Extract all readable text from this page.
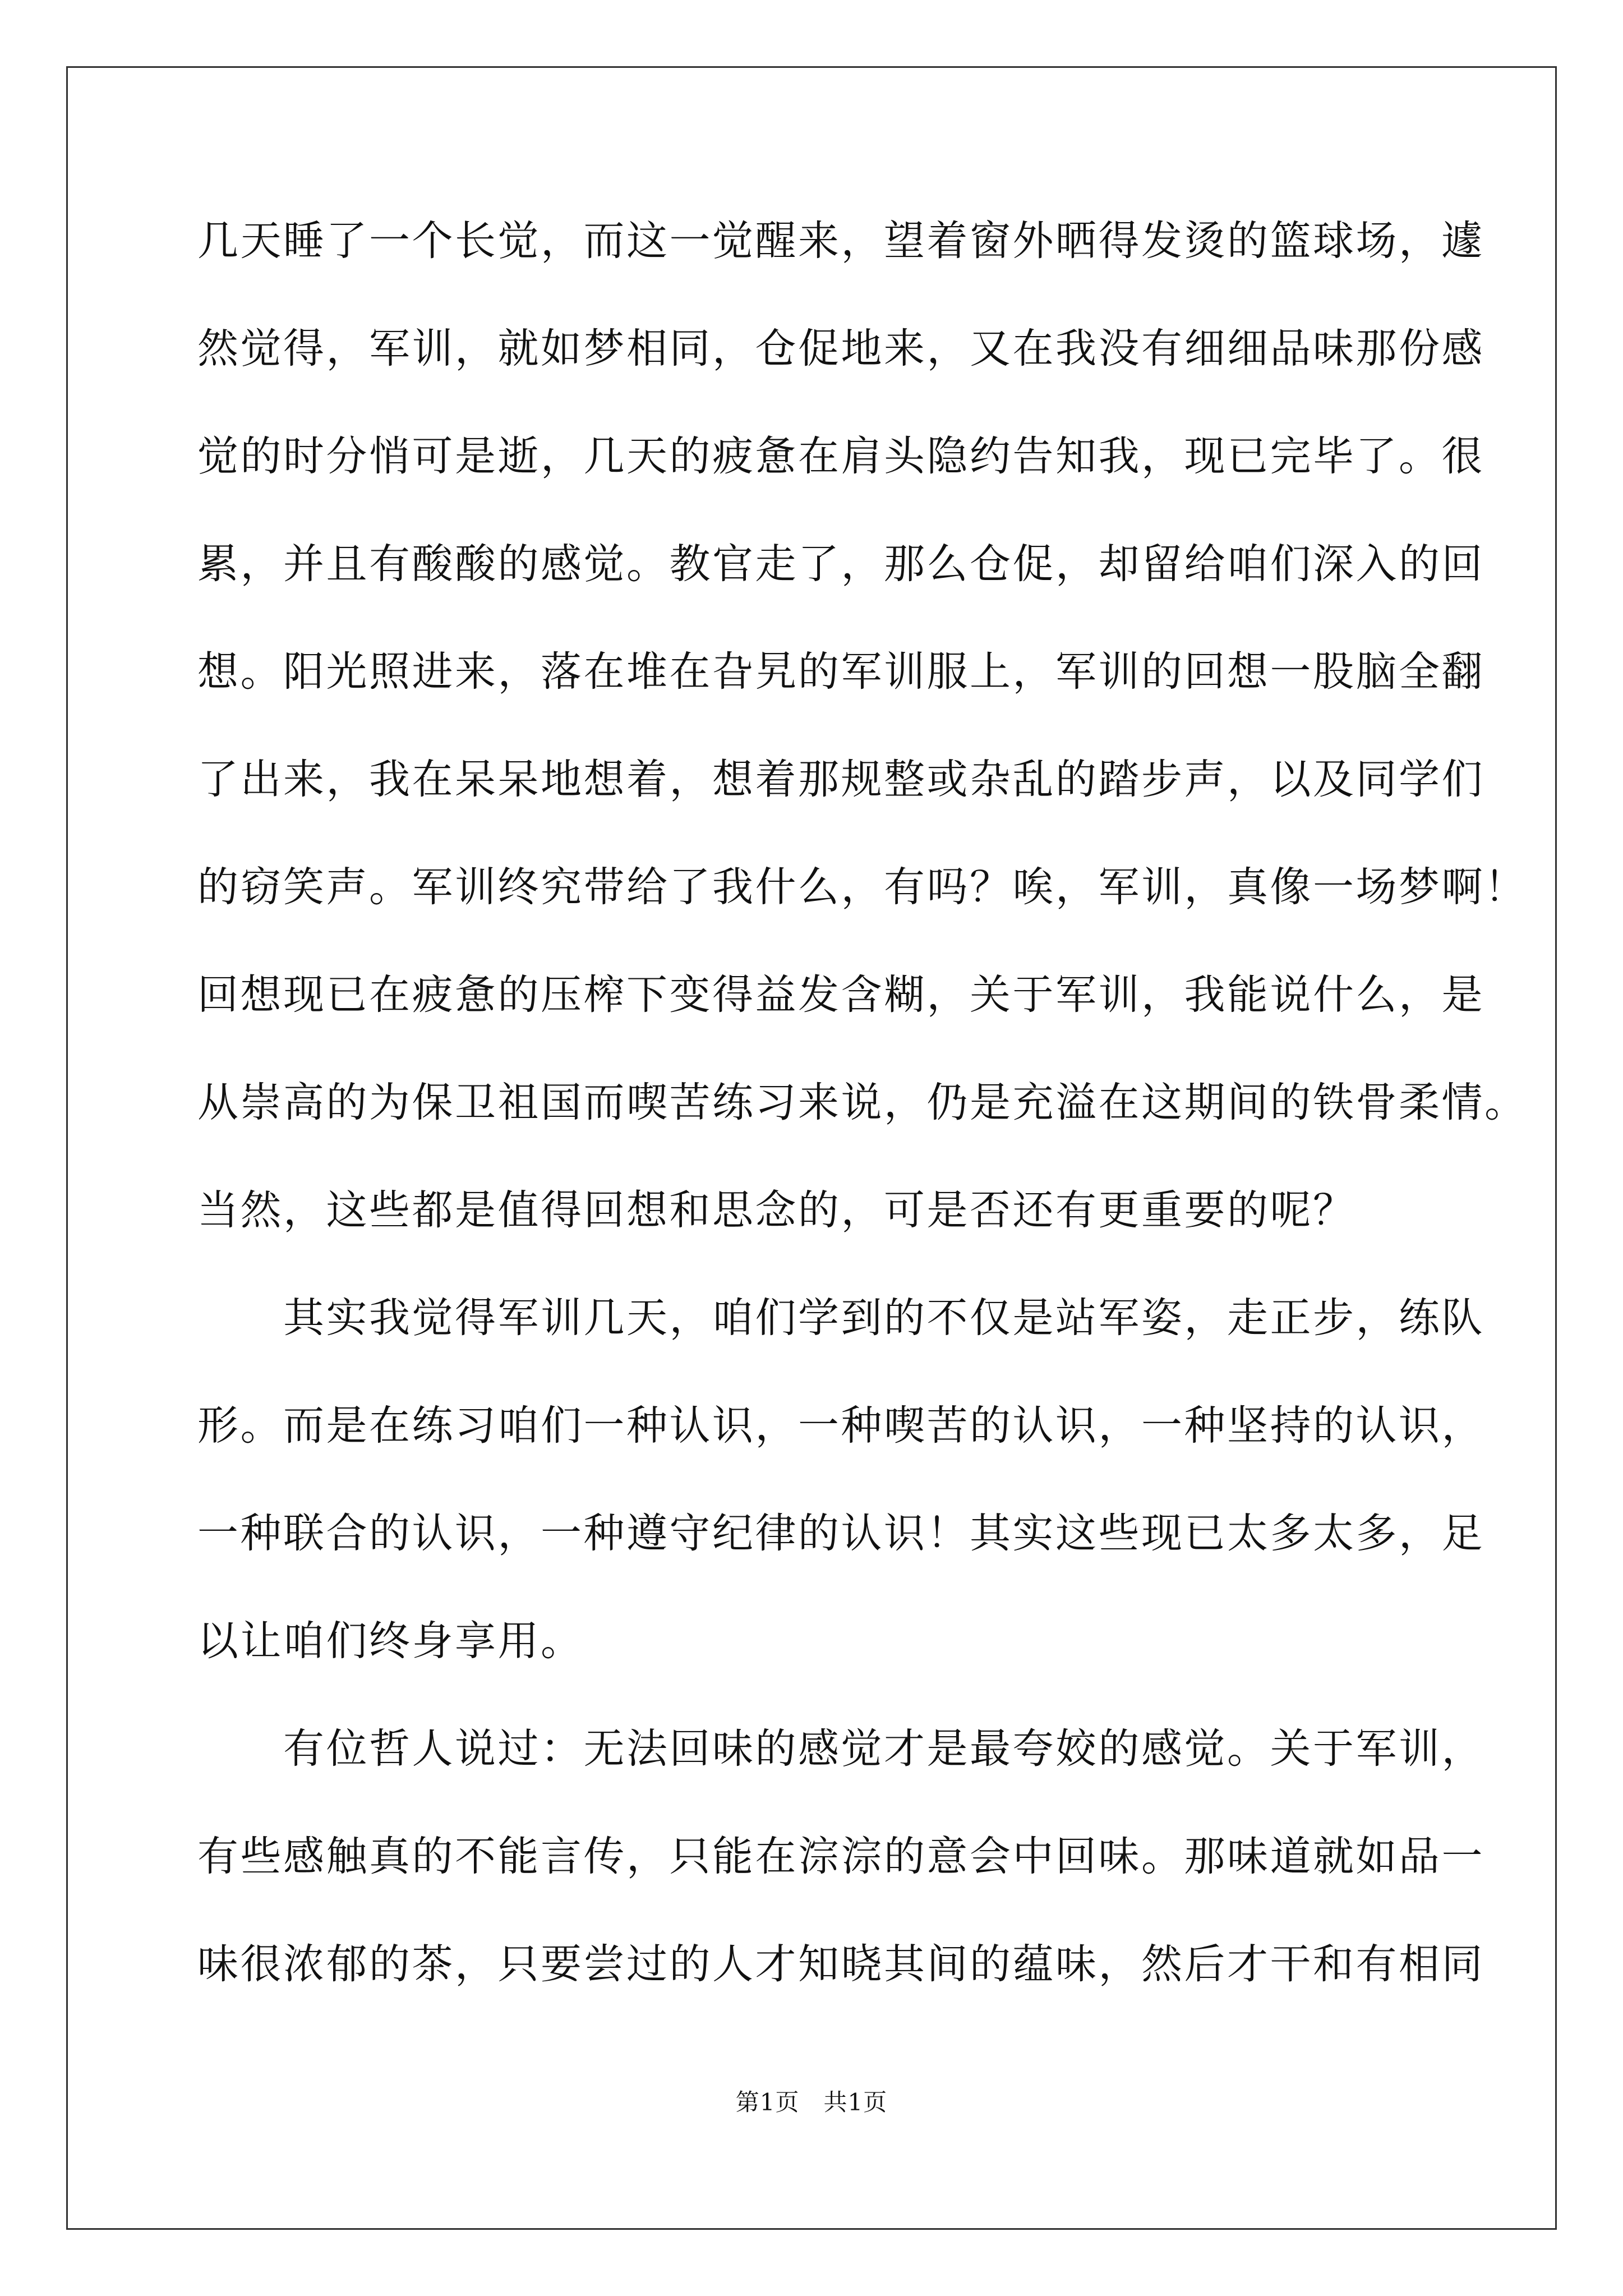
几天睡了一个长觉，而这一觉醒来，望着窗外晒得发烫的篮球场，遽
然觉得，军训，就如梦相同，仓促地来，又在我没有细细品味那份感
觉的时分悄可是逝，几天的疲惫在肩头隐约告知我，现已完毕了。很
累，并且有酸酸的感觉。教官走了，那么仓促，却留给咱们深入的回
想。阳光照进来，落在堆在旮旯的军训服上，军训的回想一股脑全翻
了出来，我在呆呆地想着，想着那规整或杂乱的踏步声，以及同学们
的窃笑声。军训终究带给了我什么，有吗？唉，军训，真像一场梦啊！
回想现已在疲惫的压榨下变得益发含糊，关于军训，我能说什么，是
从崇高的为保卫祖国而喫苦练习来说，仍是充溢在这期间的铁骨柔情。
当然，这些都是值得回想和思念的，可是否还有更重要的呢？
　　其实我觉得军训几天，咱们学到的不仅是站军姿，走正步，练队
形。而是在练习咱们一种认识，一种喫苦的认识，一种坚持的认识，
一种联合的认识，一种遵守纪律的认识！其实这些现已太多太多，足
以让咱们终身享用。
　　有位哲人说过：无法回味的感觉才是最夸姣的感觉。关于军训，
有些感触真的不能言传，只能在淙淙的意会中回味。那味道就如品一
味很浓郁的茶，只要尝过的人才知晓其间的蕴味，然后才干和有相同
第1页　共1页
